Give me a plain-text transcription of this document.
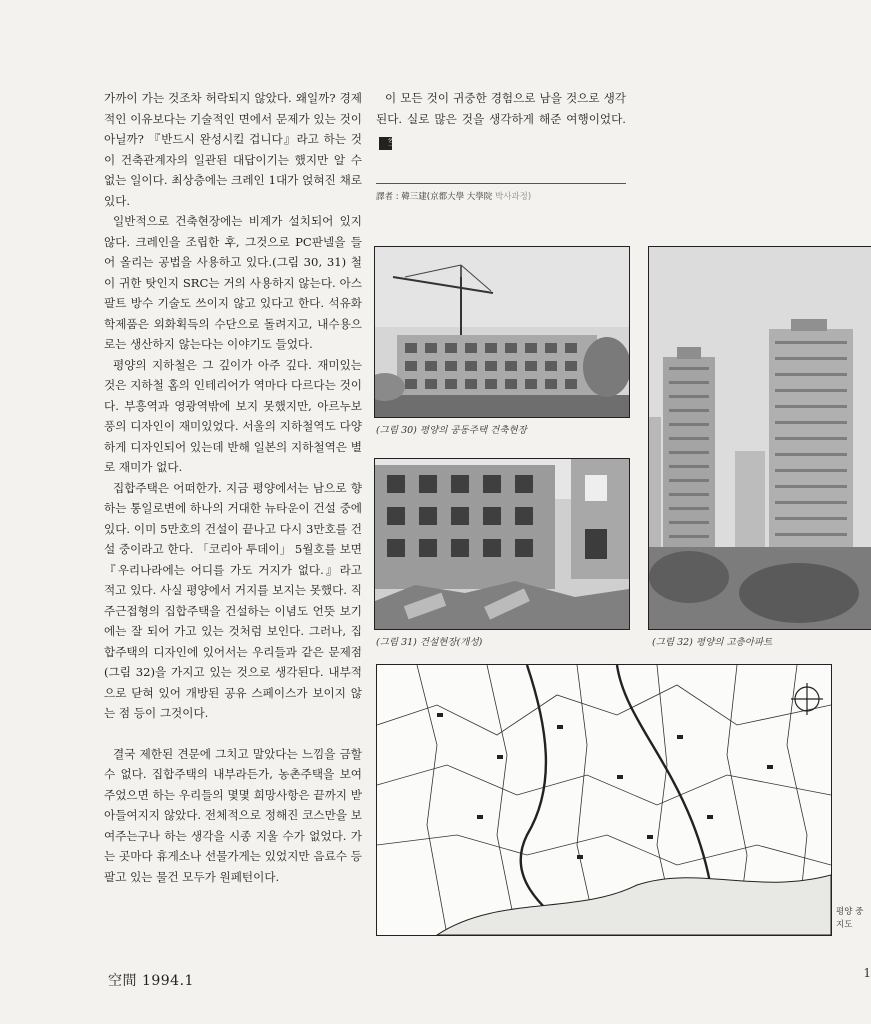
가까이 가는 것조차 허락되지 않았다. 왜일까? 경제적인 이유보다는 기술적인 면에서 문제가 있는 것이 아닐까? 『반드시 완성시킬 겁니다』라고 하는 것이 건축관계자의 일관된 대답이기는 했지만 알 수 없는 일이다. 최상층에는 크레인 1대가 얹혀진 채로 있다.

일반적으로 건축현장에는 비계가 설치되어 있지 않다. 크레인을 조립한 후, 그것으로 PC판넬을 들어 올리는 공법을 사용하고 있다.(그림 30, 31) 철이 귀한 탓인지 SRC는 거의 사용하지 않는다. 아스팔트 방수 기술도 쓰이지 않고 있다고 한다. 석유화학제품은 외화획득의 수단으로 돌려지고, 내수용으로는 생산하지 않는다는 이야기도 들었다.

평양의 지하철은 그 깊이가 아주 깊다. 재미있는 것은 지하철 홈의 인테리어가 역마다 다르다는 것이다. 부흥역과 영광역밖에 보지 못했지만, 아르누보풍의 디자인이 재미있었다. 서울의 지하철역도 다양하게 디자인되어 있는데 반해 일본의 지하철역은 별로 재미가 없다.

집합주택은 어떠한가. 지금 평양에서는 남으로 향하는 통일로변에 하나의 거대한 뉴타운이 건설 중에 있다. 이미 5만호의 건설이 끝나고 다시 3만호를 건설 중이라고 한다. 「코리아 투데이」 5월호를 보면 『우리나라에는 어디를 가도 거지가 없다.』라고 적고 있다. 사실 평양에서 거지를 보지는 못했다. 직주근접형의 집합주택을 건설하는 이념도 언뜻 보기에는 잘 되어 가고 있는 것처럼 보인다. 그러나, 집합주택의 디자인에 있어서는 우리들과 같은 문제점(그림 32)을 가지고 있는 것으로 생각된다. 내부적으로 닫혀 있어 개방된 공유 스페이스가 보이지 않는 점 등이 그것이다.

결국 제한된 견문에 그치고 말았다는 느낌을 금할 수 없다. 집합주택의 내부라든가, 농촌주택을 보여 주었으면 하는 우리들의 몇몇 희망사항은 끝까지 받아들여지지 않았다. 전체적으로 정해진 코스만을 보여주는구나 하는 생각을 시종 지울 수가 없었다. 가는 곳마다 휴게소나 선물가게는 있었지만 음료수 등 팔고 있는 물건 모두가 원페턴이다.

이 모든 것이 귀중한 경험으로 남을 것으로 생각된다. 실로 많은 것을 생각하게 해준 여행이었다.空

譯者 : 韓三建(京都大學 大學院 박사과정)
(그림 30) 평양의 공동주택 건축현장
(그림 31) 건설현장(개성)	(그림 32) 평양의 고층아파트
평양 중
지도
空間 1994.1	1
